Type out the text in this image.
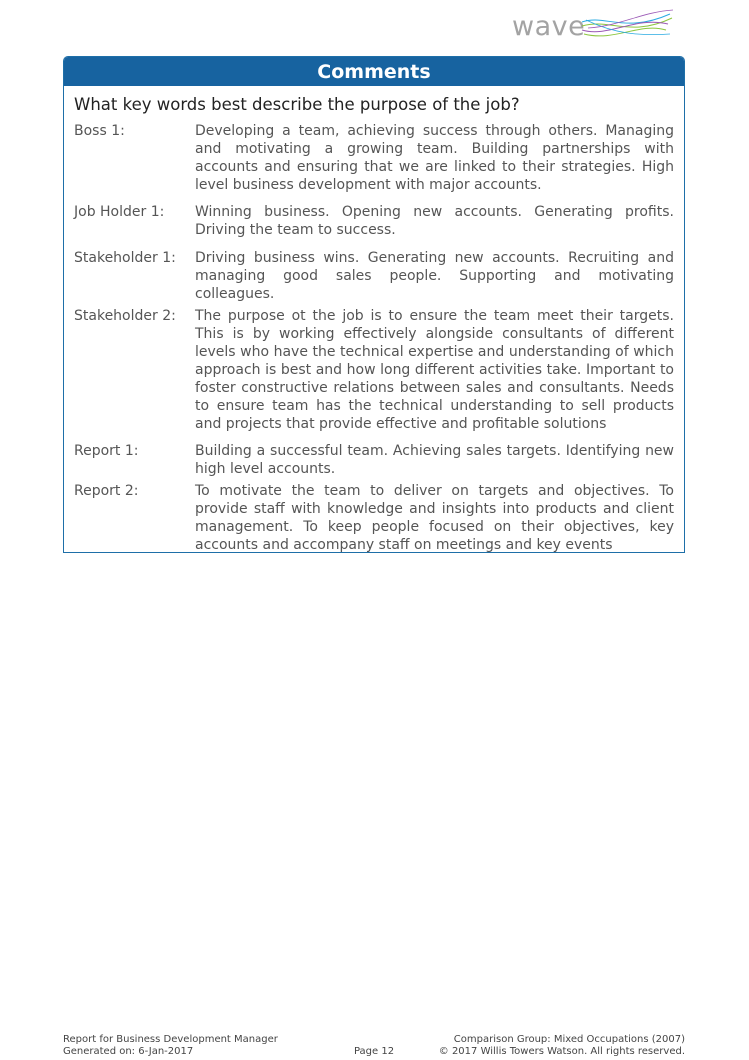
wave
Comments
What key words best describe the purpose of the job?
Boss 1:	Developing a team, achieving success through others. Managing and motivating a growing team. Building partnerships with accounts and ensuring that we are linked to their strategies. High level business development with major accounts.
Job Holder 1:	Winning business. Opening new accounts. Generating profits. Driving the team to success.
Stakeholder 1:	Driving business wins. Generating new accounts. Recruiting and managing good sales people. Supporting and motivating colleagues.
Stakeholder 2:	The purpose ot the job is to ensure the team meet their targets. This is by working effectively alongside consultants of different levels who have the technical expertise and understanding of which approach is best and how long different activities take. Important to foster constructive relations between sales and consultants. Needs to ensure team has the technical understanding to sell products and projects that provide effective and profitable solutions
Report 1:	Building a successful team. Achieving sales targets. Identifying new high level accounts.
Report 2:	To motivate the team to deliver on targets and objectives. To provide staff with knowledge and insights into products and client management. To keep people focused on their objectives, key accounts and accompany staff on meetings and key events
Report for Business Development Manager
Generated on: 6-Jan-2017	Page 12
Comparison Group: Mixed Occupations (2007)
© 2017 Willis Towers Watson. All rights reserved.
